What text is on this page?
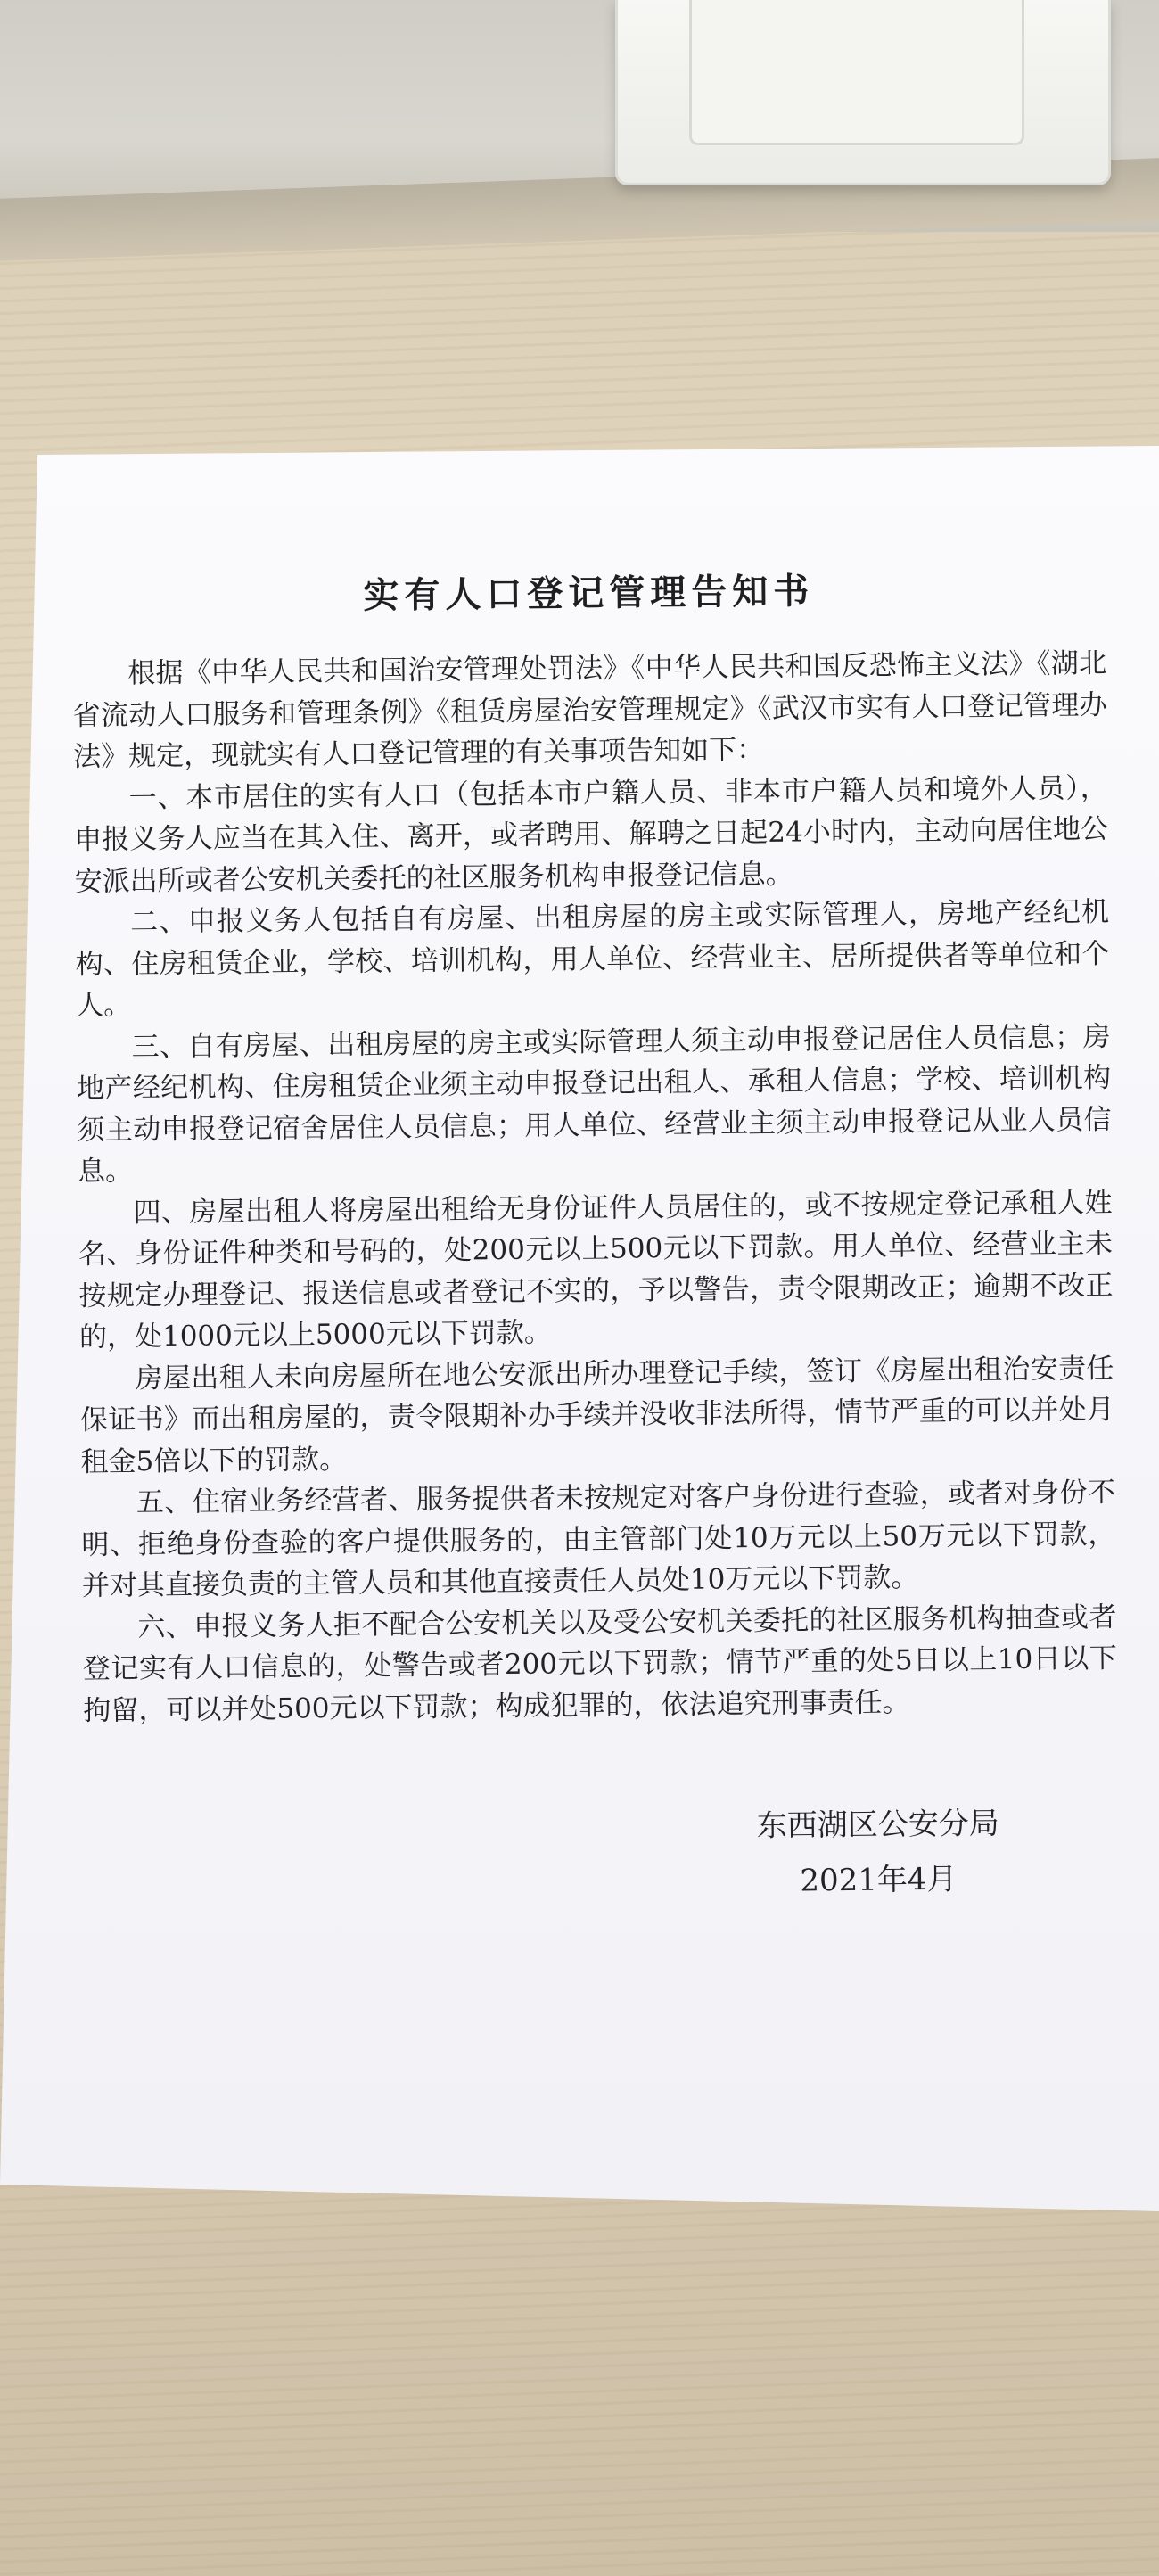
实有人口登记管理告知书

根据《中华人民共和国治安管理处罚法》《中华人民共和国反恐怖主义法》《湖北省流动人口服务和管理条例》《租赁房屋治安管理规定》《武汉市实有人口登记管理办法》规定，现就实有人口登记管理的有关事项告知如下：

一、本市居住的实有人口（包括本市户籍人员、非本市户籍人员和境外人员），申报义务人应当在其入住、离开，或者聘用、解聘之日起24小时内，主动向居住地公安派出所或者公安机关委托的社区服务机构申报登记信息。

二、申报义务人包括自有房屋、出租房屋的房主或实际管理人，房地产经纪机构、住房租赁企业，学校、培训机构，用人单位、经营业主、居所提供者等单位和个人。

三、自有房屋、出租房屋的房主或实际管理人须主动申报登记居住人员信息；房地产经纪机构、住房租赁企业须主动申报登记出租人、承租人信息；学校、培训机构须主动申报登记宿舍居住人员信息；用人单位、经营业主须主动申报登记从业人员信息。

四、房屋出租人将房屋出租给无身份证件人员居住的，或不按规定登记承租人姓名、身份证件种类和号码的，处200元以上500元以下罚款。用人单位、经营业主未按规定办理登记、报送信息或者登记不实的，予以警告，责令限期改正；逾期不改正的，处1000元以上5000元以下罚款。

房屋出租人未向房屋所在地公安派出所办理登记手续，签订《房屋出租治安责任保证书》而出租房屋的，责令限期补办手续并没收非法所得，情节严重的可以并处月租金5倍以下的罚款。

五、住宿业务经营者、服务提供者未按规定对客户身份进行查验，或者对身份不明、拒绝身份查验的客户提供服务的，由主管部门处10万元以上50万元以下罚款，并对其直接负责的主管人员和其他直接责任人员处10万元以下罚款。

六、申报义务人拒不配合公安机关以及受公安机关委托的社区服务机构抽查或者登记实有人口信息的，处警告或者200元以下罚款；情节严重的处5日以上10日以下拘留，可以并处500元以下罚款；构成犯罪的，依法追究刑事责任。

东西湖区公安分局
2021年4月
